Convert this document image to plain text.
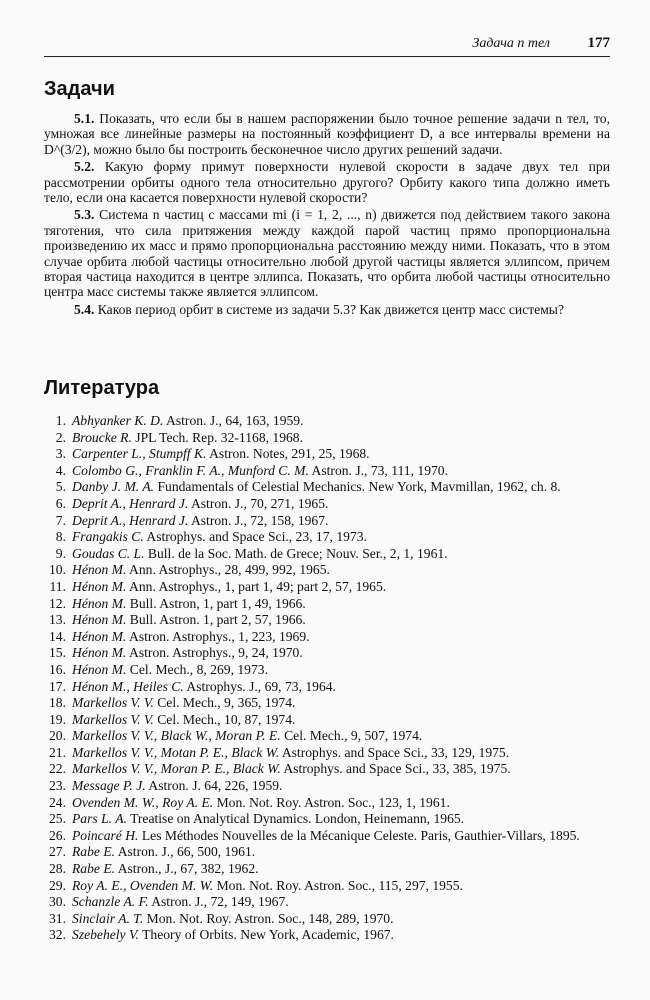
Задача n тел	177
Задачи

5.1. Показать, что если бы в нашем распоряжении было точное решение задачи n тел, то, умножая все линейные размеры на постоянный коэффициент D, а все интервалы времени на D^(3/2), можно было бы построить бесконечное число других решений задачи.

5.2. Какую форму примут поверхности нулевой скорости в задаче двух тел при рассмотрении орбиты одного тела относительно другого? Орбиту какого типа должно иметь тело, если она касается поверхности нулевой скорости?

5.3. Система n частиц с массами mi (i = 1, 2, ..., n) движется под действием такого закона тяготения, что сила притяжения между каждой парой частиц прямо пропорциональна произведению их масс и прямо пропорциональна расстоянию между ними. Показать, что в этом случае орбита любой частицы относительно любой другой частицы является эллипсом, причем вторая частица находится в центре эллипса. Показать, что орбита любой частицы относительно центра масс системы также является эллипсом.

5.4. Каков период орбит в системе из задачи 5.3? Как движется центр масс системы?

Литература
1. Abhyanker K. D. Astron. J., 64, 163, 1959.
2. Broucke R. JPL Tech. Rep. 32-1168, 1968.
3. Carpenter L., Stumpff K. Astron. Notes, 291, 25, 1968.
4. Colombo G., Franklin F. A., Munford C. M. Astron. J., 73, 111, 1970.
5. Danby J. M. A. Fundamentals of Celestial Mechanics. New York, Mavmillan, 1962, ch. 8.
6. Deprit A., Henrard J. Astron. J., 70, 271, 1965.
7. Deprit A., Henrard J. Astron. J., 72, 158, 1967.
8. Frangakis C. Astrophys. and Space Sci., 23, 17, 1973.
9. Goudas C. L. Bull. de la Soc. Math. de Grece; Nouv. Ser., 2, 1, 1961.
10. Hénon M. Ann. Astrophys., 28, 499, 992, 1965.
11. Hénon M. Ann. Astrophys., 1, part 1, 49; part 2, 57, 1965.
12. Hénon M. Bull. Astron, 1, part 1, 49, 1966.
13. Hénon M. Bull. Astron. 1, part 2, 57, 1966.
14. Hénon M. Astron. Astrophys., 1, 223, 1969.
15. Hénon M. Astron. Astrophys., 9, 24, 1970.
16. Hénon M. Cel. Mech., 8, 269, 1973.
17. Hénon M., Heiles C. Astrophys. J., 69, 73, 1964.
18. Markellos V. V. Cel. Mech., 9, 365, 1974.
19. Markellos V. V. Cel. Mech., 10, 87, 1974.
20. Markellos V. V., Black W., Moran P. E. Cel. Mech., 9, 507, 1974.
21. Markellos V. V., Motan P. E., Black W. Astrophys. and Space Sci., 33, 129, 1975.
22. Markellos V. V., Moran P. E., Black W. Astrophys. and Space Sci., 33, 385, 1975.
23. Message P. J. Astron. J. 64, 226, 1959.
24. Ovenden M. W., Roy A. E. Mon. Not. Roy. Astron. Soc., 123, 1, 1961.
25. Pars L. A. Treatise on Analytical Dynamics. London, Heinemann, 1965.
26. Poincaré H. Les Méthodes Nouvelles de la Mécanique Celeste. Paris, Gauthier-Villars, 1895.
27. Rabe E. Astron. J., 66, 500, 1961.
28. Rabe E. Astron., J., 67, 382, 1962.
29. Roy A. E., Ovenden M. W. Mon. Not. Roy. Astron. Soc., 115, 297, 1955.
30. Schanzle A. F. Astron. J., 72, 149, 1967.
31. Sinclair A. T. Mon. Not. Roy. Astron. Soc., 148, 289, 1970.
32. Szebehely V. Theory of Orbits. New York, Academic, 1967.
